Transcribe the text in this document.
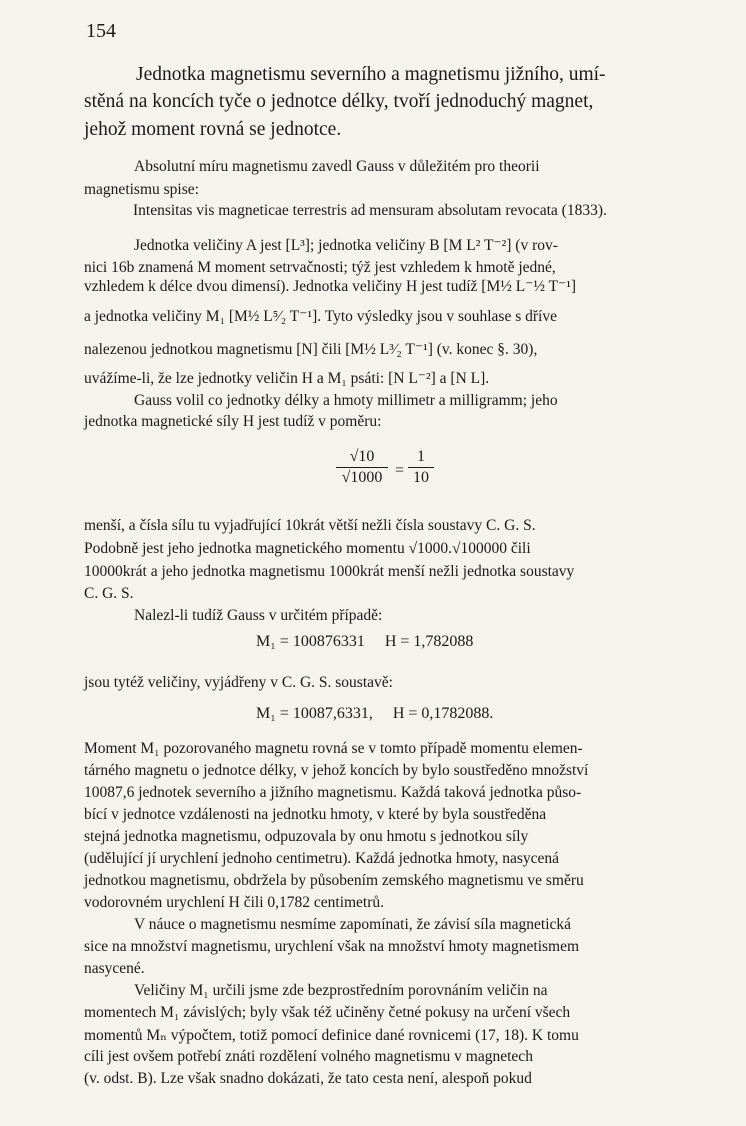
154
Jednotka magnetismu severního a magnetismu jižního, umí-
stěná na koncích tyče o jednotce délky, tvoří jednoduchý magnet,
jehož moment rovná se jednotce.
Absolutní míru magnetismu zavedl Gauss v důležitém pro theorii
magnetismu spise:
Intensitas vis magneticae terrestris ad mensuram absolutam revocata (1833).
Jednotka veličiny A jest [L³]; jednotka veličiny B [M L² T⁻²] (v rov-
nici 16b znamená M moment setrvačnosti; týž jest vzhledem k hmotě jedné,
vzhledem k délce dvou dimensí). Jednotka veličiny H jest tudíž [M½ L⁻½ T⁻¹]
a jednotka veličiny M₁ [M½ L⁵⁄₂ T⁻¹]. Tyto výsledky jsou v souhlase s dříve
nalezenou jednotkou magnetismu [N] čili [M½ L³⁄₂ T⁻¹] (v. konec §. 30),
uvážíme-li, že lze jednotky veličin H a M₁ psáti: [N L⁻²] a [N L].
Gauss volil co jednotky délky a hmoty millimetr a milligramm; jeho
jednotka magnetické síly H jest tudíž v poměru:
menší, a čísla sílu tu vyjadřující 10krát větší nežli čísla soustavy C. G. S.
Podobně jest jeho jednotka magnetického momentu √1000.√100000 čili
10000krát a jeho jednotka magnetismu 1000krát menší nežli jednotka soustavy
C. G. S.
Nalezl-li tudíž Gauss v určitém případě:
jsou tytéž veličiny, vyjádřeny v C. G. S. soustavě:
Moment M₁ pozorovaného magnetu rovná se v tomto případě momentu elemen-
tárného magnetu o jednotce délky, v jehož koncích by bylo soustředěno množství
10087,6 jednotek severního a jižního magnetismu. Každá taková jednotka půso-
bící v jednotce vzdálenosti na jednotku hmoty, v které by byla soustředěna
stejná jednotka magnetismu, odpuzovala by onu hmotu s jednotkou síly
(udělující jí urychlení jednoho centimetru). Každá jednotka hmoty, nasycená
jednotkou magnetismu, obdržela by působením zemského magnetismu ve směru
vodorovném urychlení H čili 0,1782 centimetrů.
V náuce o magnetismu nesmíme zapomínati, že závisí síla magnetická
sice na množství magnetismu, urychlení však na množství hmoty magnetismem
nasycené.
Veličiny M₁ určili jsme zde bezprostředním porovnáním veličin na
momentech M₁ závislých; byly však též učiněny četné pokusy na určení všech
momentů Mₙ výpočtem, totiž pomocí definice dané rovnicemi (17, 18). K tomu
cíli jest ovšem potřebí znáti rozdělení volného magnetismu v magnetech
(v. odst. B). Lze však snadno dokázati, že tato cesta není, alespoň pokud
√10
√1000 =
1
10
M₁ = 100876331     H = 1,782088
M₁ = 10087,6331,     H = 0,1782088.
